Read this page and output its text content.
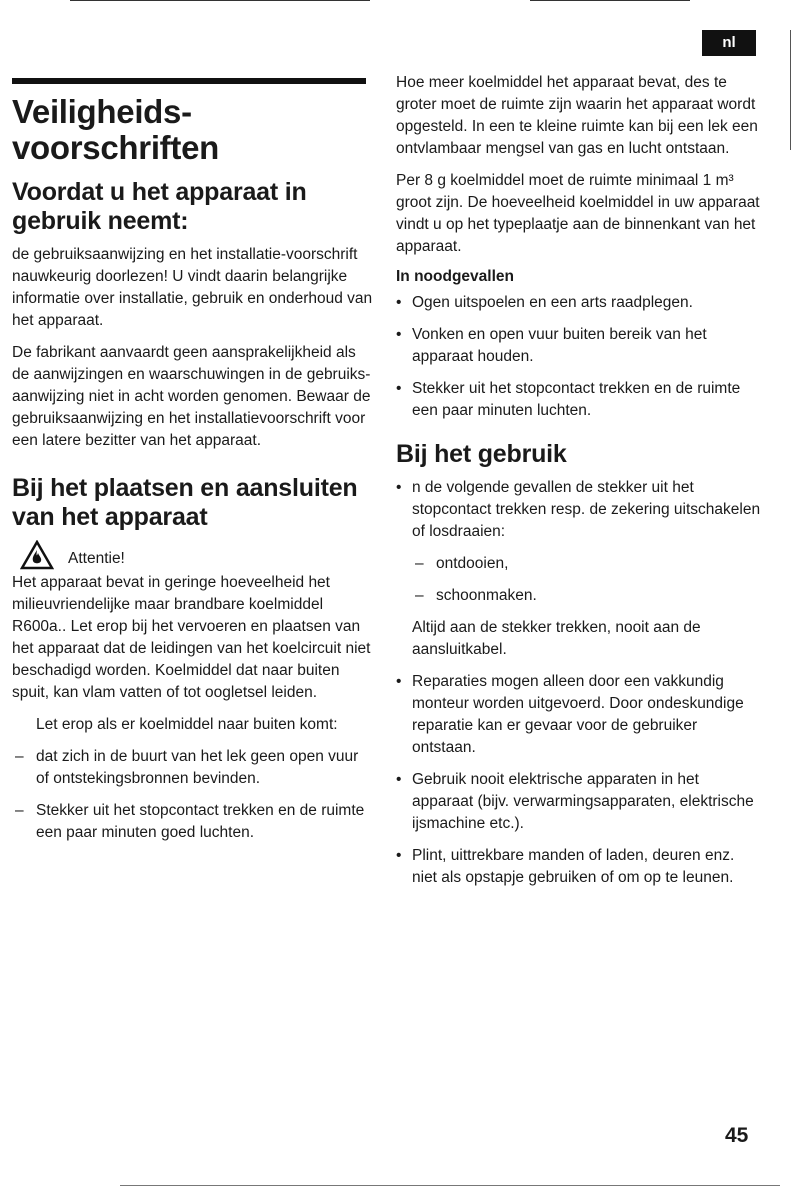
nl
Veiligheids- voorschriften
Voordat u het apparaat in gebruik neemt:

de gebruiksaanwijzing en het installatie-voorschrift nauwkeurig doorlezen! U vindt daarin belangrijke informatie over installatie, gebruik en onderhoud van het apparaat.

De fabrikant aanvaardt geen aansprakelijkheid als de aanwijzingen en waarschuwingen in de gebruiks- aanwijzing niet in acht worden genomen. Bewaar de gebruiksaanwijzing en het installatievoorschrift voor een latere bezitter van het apparaat.

Bij het plaatsen en aansluiten van het apparaat
Attentie!

Het apparaat bevat in geringe hoeveelheid het milieuvriendelijke maar brandbare koelmiddel R600a.. Let erop bij het vervoeren en plaatsen van het apparaat dat de leidingen van het koelcircuit niet beschadigd worden. Koelmiddel dat naar buiten spuit, kan vlam vatten of tot oogletsel leiden.

Let erop als er koelmiddel naar buiten komt:

– dat zich in de buurt van het lek geen open vuur of ontstekingsbronnen bevinden.
– Stekker uit het stopcontact trekken en de ruimte een paar minuten goed luchten.

Hoe meer koelmiddel het apparaat bevat, des te groter moet de ruimte zijn waarin het apparaat wordt opgesteld. In een te kleine ruimte kan bij een lek een ontvlambaar mengsel van gas en lucht ontstaan.

Per 8 g koelmiddel moet de ruimte minimaal 1 m³ groot zijn. De hoeveelheid koelmiddel in uw apparaat vindt u op het typeplaatje aan de binnenkant van het apparaat.

In noodgevallen
• Ogen uitspoelen en een arts raadplegen.
• Vonken en open vuur buiten bereik van het apparaat houden.
• Stekker uit het stopcontact trekken en de ruimte een paar minuten luchten.
Bij het gebruik
• n de volgende gevallen de stekker uit het stopcontact trekken resp. de zekering uitschakelen of losdraaien:
– ontdooien,
– schoonmaken.

Altijd aan de stekker trekken, nooit aan de aansluitkabel.

• Reparaties mogen alleen door een vakkundig monteur worden uitgevoerd. Door ondeskundige reparatie kan er gevaar voor de gebruiker ontstaan.
• Gebruik nooit elektrische apparaten in het apparaat (bijv. verwarmingsapparaten, elektrische ijsmachine etc.).
• Plint, uittrekbare manden of laden, deuren enz. niet als opstapje gebruiken of om op te leunen.
45
